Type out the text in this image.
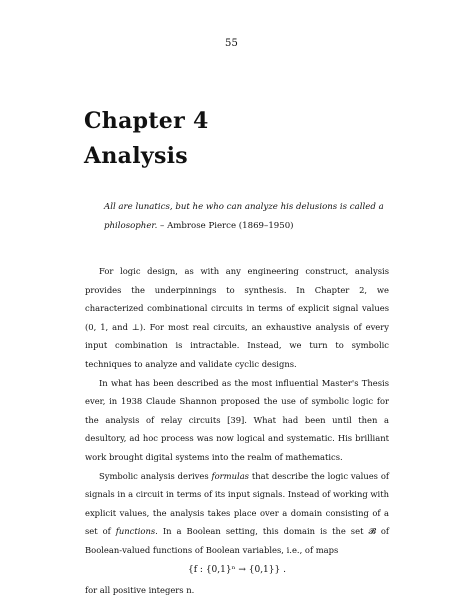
55
Chapter 4
Analysis
All are lunatics, but he who can analyze his delusions is called a philosopher. – Ambrose Pierce (1869–1950)

For logic design, as with any engineering construct, analysis provides the underpinnings to synthesis. In Chapter 2, we characterized combinational circuits in terms of explicit signal values (0, 1, and ⊥). For most real circuits, an exhaustive analysis of every input combination is intractable. Instead, we turn to symbolic techniques to analyze and validate cyclic designs.

In what has been described as the most influential Master's Thesis ever, in 1938 Claude Shannon proposed the use of symbolic logic for the analysis of relay circuits [39]. What had been until then a desultory, ad hoc process was now logical and systematic. His brilliant work brought digital systems into the realm of mathematics.

Symbolic analysis derives formulas that describe the logic values of signals in a circuit in terms of its input signals. Instead of working with explicit values, the analysis takes place over a domain consisting of a set of functions. In a Boolean setting, this domain is the set 𝓑 of Boolean-valued functions of Boolean variables, i.e., of maps

{f : {0,1}ⁿ → {0,1}} .

for all positive integers n.
